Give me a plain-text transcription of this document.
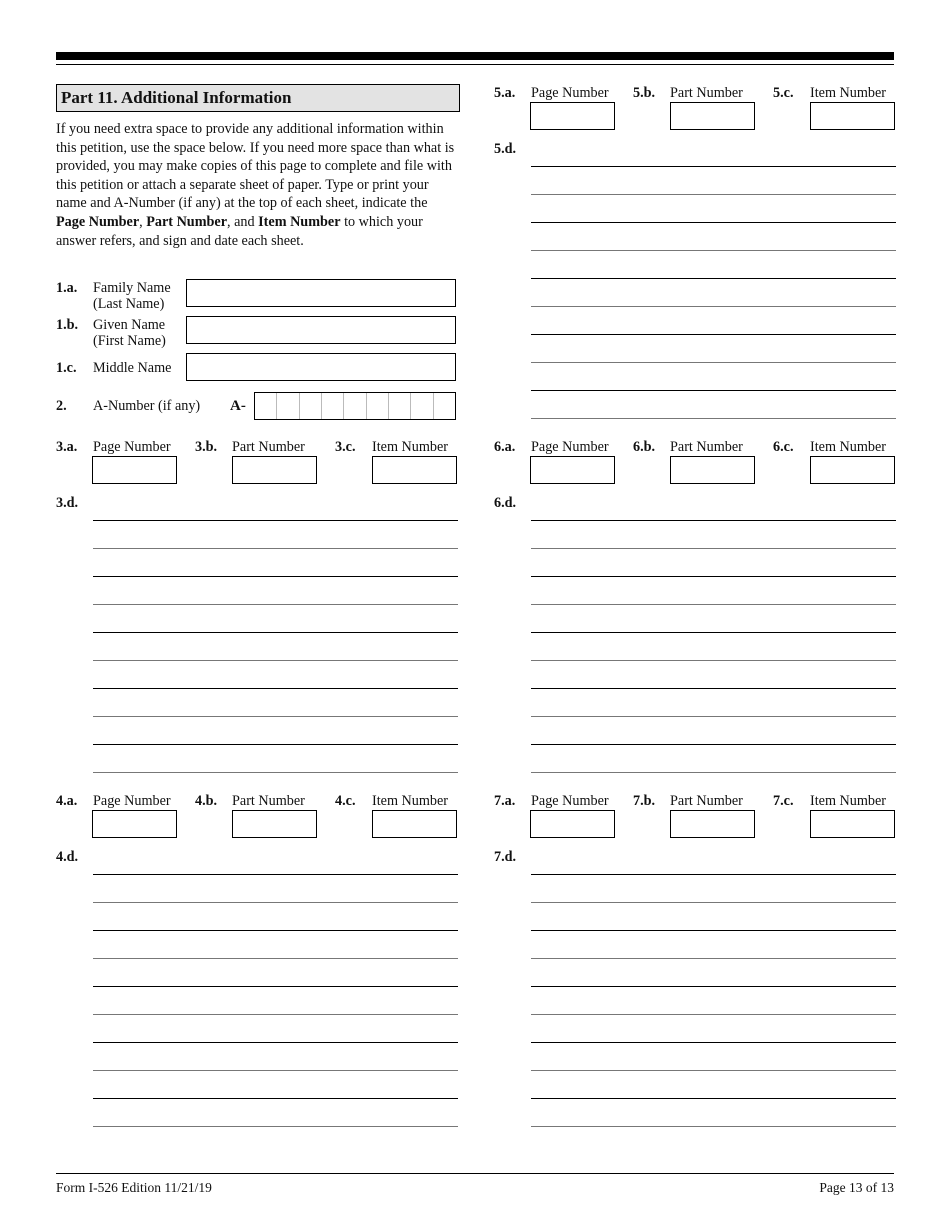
Part 11. Additional Information
If you need extra space to provide any additional information within this petition, use the space below. If you need more space than what is provided, you may make copies of this page to complete and file with this petition or attach a separate sheet of paper. Type or print your name and A-Number (if any) at the top of each sheet, indicate the Page Number, Part Number, and Item Number to which your answer refers, and sign and date each sheet.
1.a. Family Name
(Last Name)
1.b. Given Name
(First Name)
1.c. Middle Name
2. A-Number (if any) A-
5.a. Page Number 5.b. Part Number 5.c. Item Number
5.d.
3.a. Page Number 3.b. Part Number 3.c. Item Number
3.d.
6.a. Page Number 6.b. Part Number 6.c. Item Number
6.d.
4.a. Page Number 4.b. Part Number 4.c. Item Number
4.d.
7.a. Page Number 7.b. Part Number 7.c. Item Number
7.d.
Form I-526 Edition 11/21/19	Page 13 of 13
